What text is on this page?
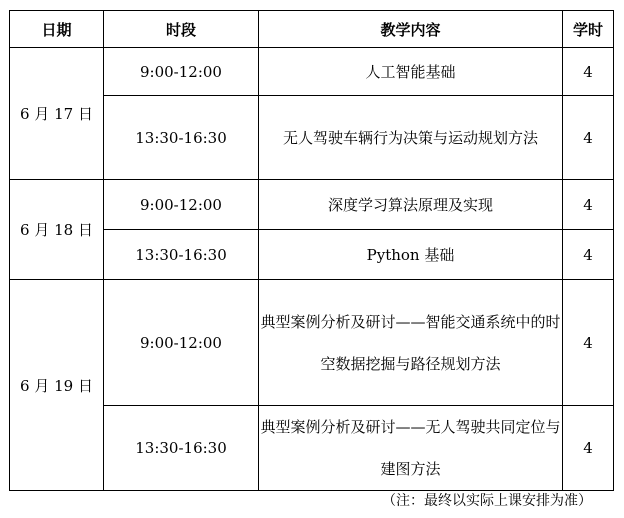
日期	时段	教学内容	学时
6 月 17 日	9:00-12:00	人工智能基础	4
	13:30-16:30	无人驾驶车辆行为决策与运动规划方法	4
6 月 18 日	9:00-12:00	深度学习算法原理及实现	4
	13:30-16:30	Python 基础	4
6 月 19 日	9:00-12:00	典型案例分析及研讨——智能交通系统中的时空数据挖掘与路径规划方法	4
	13:30-16:30	典型案例分析及研讨——无人驾驶共同定位与建图方法	4
（注：最终以实际上课安排为准）
